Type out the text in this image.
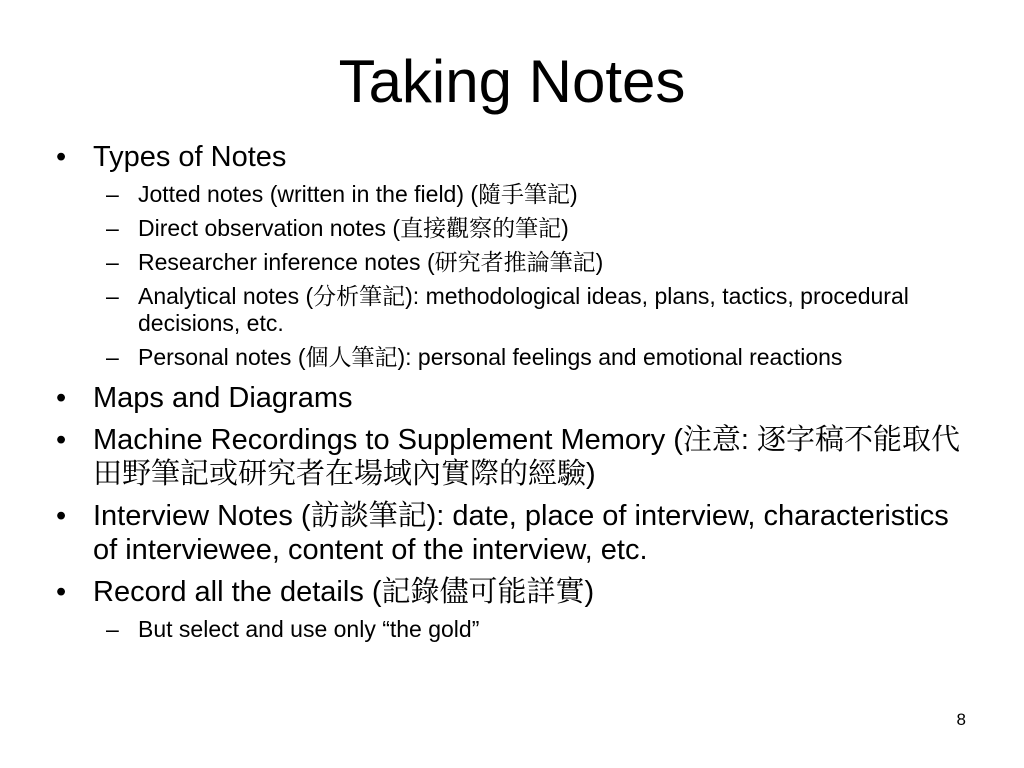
Taking Notes
• Types of Notes
– Jotted notes (written in the field) (隨手筆記)
– Direct observation notes (直接觀察的筆記)
– Researcher inference notes (研究者推論筆記)
– Analytical notes (分析筆記): methodological ideas, plans, tactics, procedural decisions, etc.
– Personal notes (個人筆記): personal feelings and emotional reactions
• Maps and Diagrams
• Machine Recordings to Supplement Memory (注意: 逐字稿不能取代田野筆記或研究者在場域內實際的經驗)
• Interview Notes (訪談筆記): date, place of interview, characteristics of interviewee, content of the interview, etc.
• Record all the details (記錄儘可能詳實)
– But select and use only “the gold”
8
